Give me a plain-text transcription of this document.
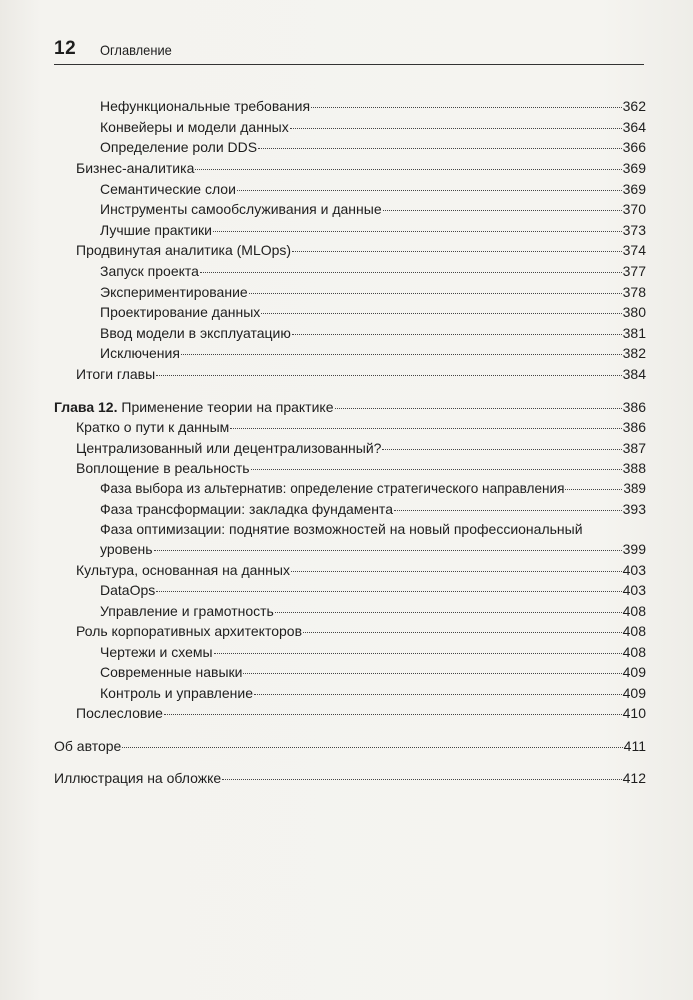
12 Оглавление
Нефункциональные требования	362
Конвейеры и модели данных	364
Определение роли DDS	366
Бизнес-аналитика	369
Семантические слои	369
Инструменты самообслуживания и данные	370
Лучшие практики	373
Продвинутая аналитика (MLOps)	374
Запуск проекта	377
Экспериментирование	378
Проектирование данных	380
Ввод модели в эксплуатацию	381
Исключения	382
Итоги главы	384
Глава 12. Применение теории на практике	386
Кратко о пути к данным	386
Централизованный или децентрализованный?	387
Воплощение в реальность	388
Фаза выбора из альтернатив: определение стратегического направления	389
Фаза трансформации: закладка фундамента	393
Фаза оптимизации: поднятие возможностей на новый профессиональный
уровень	399
Культура, основанная на данных	403
DataOps	403
Управление и грамотность	408
Роль корпоративных архитекторов	408
Чертежи и схемы	408
Современные навыки	409
Контроль и управление	409
Послесловие	410
Об авторе	411
Иллюстрация на обложке	412
